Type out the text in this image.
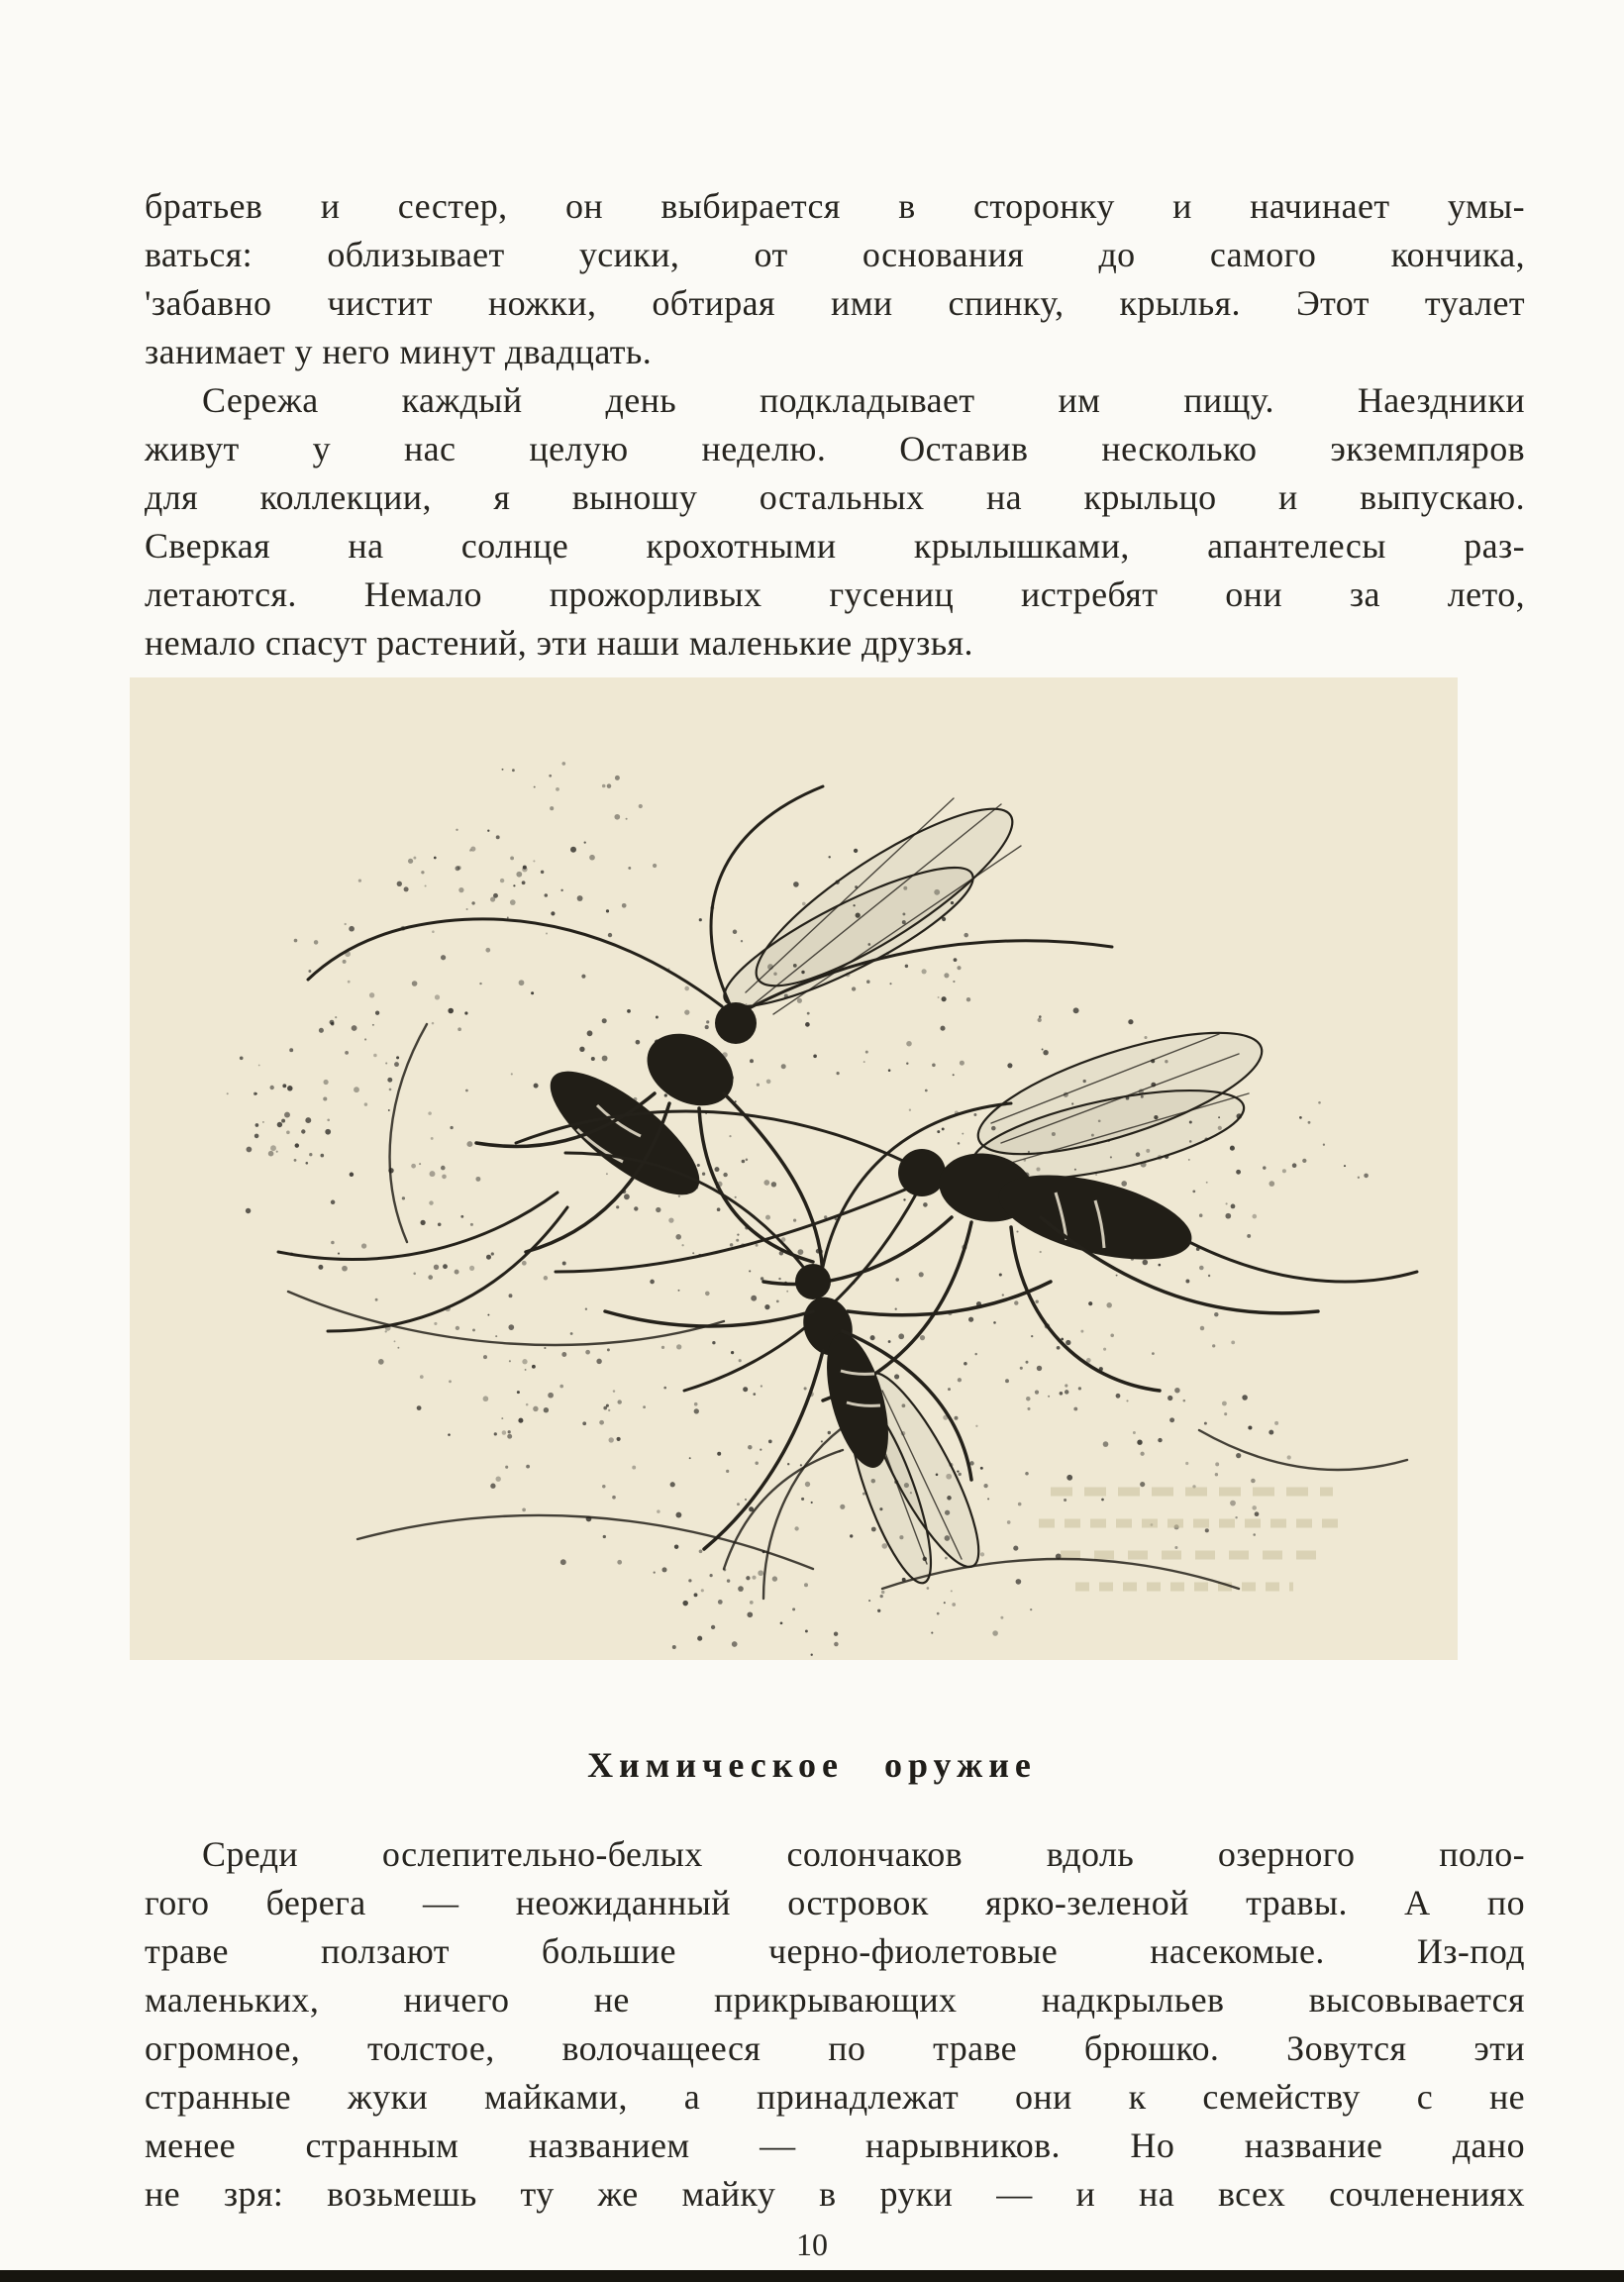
братьев и сестер, он выбирается в сторонку и начинает умы-
ваться: облизывает усики, от основания до самого кончика,
'забавно чистит ножки, обтирая ими спинку, крылья. Этот туалет
занимает у него минут двадцать.
Сережа каждый день подкладывает им пищу. Наездники
живут у нас целую неделю. Оставив несколько экземпляров
для коллекции, я выношу остальных на крыльцо и выпускаю.
Сверкая на солнце крохотными крылышками, апантелесы раз-
летаются. Немало прожорливых гусениц истребят они за лето,
немало спасут растений, эти наши маленькие друзья.
Химическое оружие
Среди ослепительно-белых солончаков вдоль озерного поло-
гого берега — неожиданный островок ярко-зеленой травы. А по
траве ползают большие черно-фиолетовые насекомые. Из-под
маленьких, ничего не прикрывающих надкрыльев высовывается
огромное, толстое, волочащееся по траве брюшко. Зовутся эти
странные жуки майками, а принадлежат они к семейству с не
менее странным названием — нарывников. Но название дано
не зря: возьмешь ту же майку в руки — и на всех сочленениях
10
